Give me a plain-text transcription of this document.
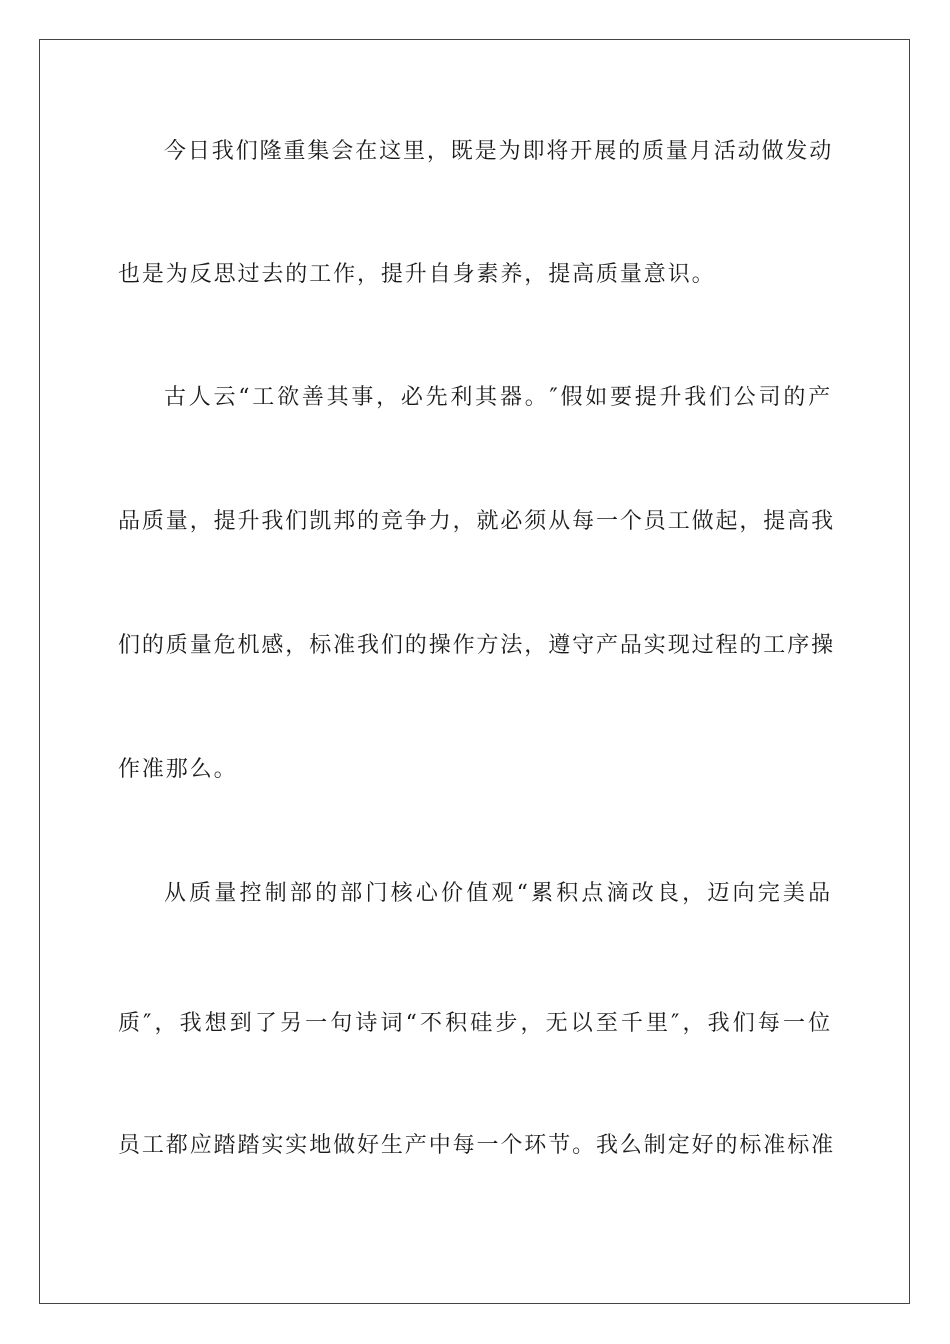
今日我们隆重集会在这里，既是为即将开展的质量月活动做发动
也是为反思过去的工作，提升自身素养，提高质量意识。
古人云“工欲善其事，必先利其器。″假如要提升我们公司的产
品质量，提升我们凯邦的竞争力，就必须从每一个员工做起，提高我
们的质量危机感，标准我们的操作方法，遵守产品实现过程的工序操
作准那么。
从质量控制部的部门核心价值观“累积点滴改良，迈向完美品
质″，我想到了另一句诗词“不积硅步，无以至千里″，我们每一位
员工都应踏踏实实地做好生产中每一个环节。我么制定好的标准标准
